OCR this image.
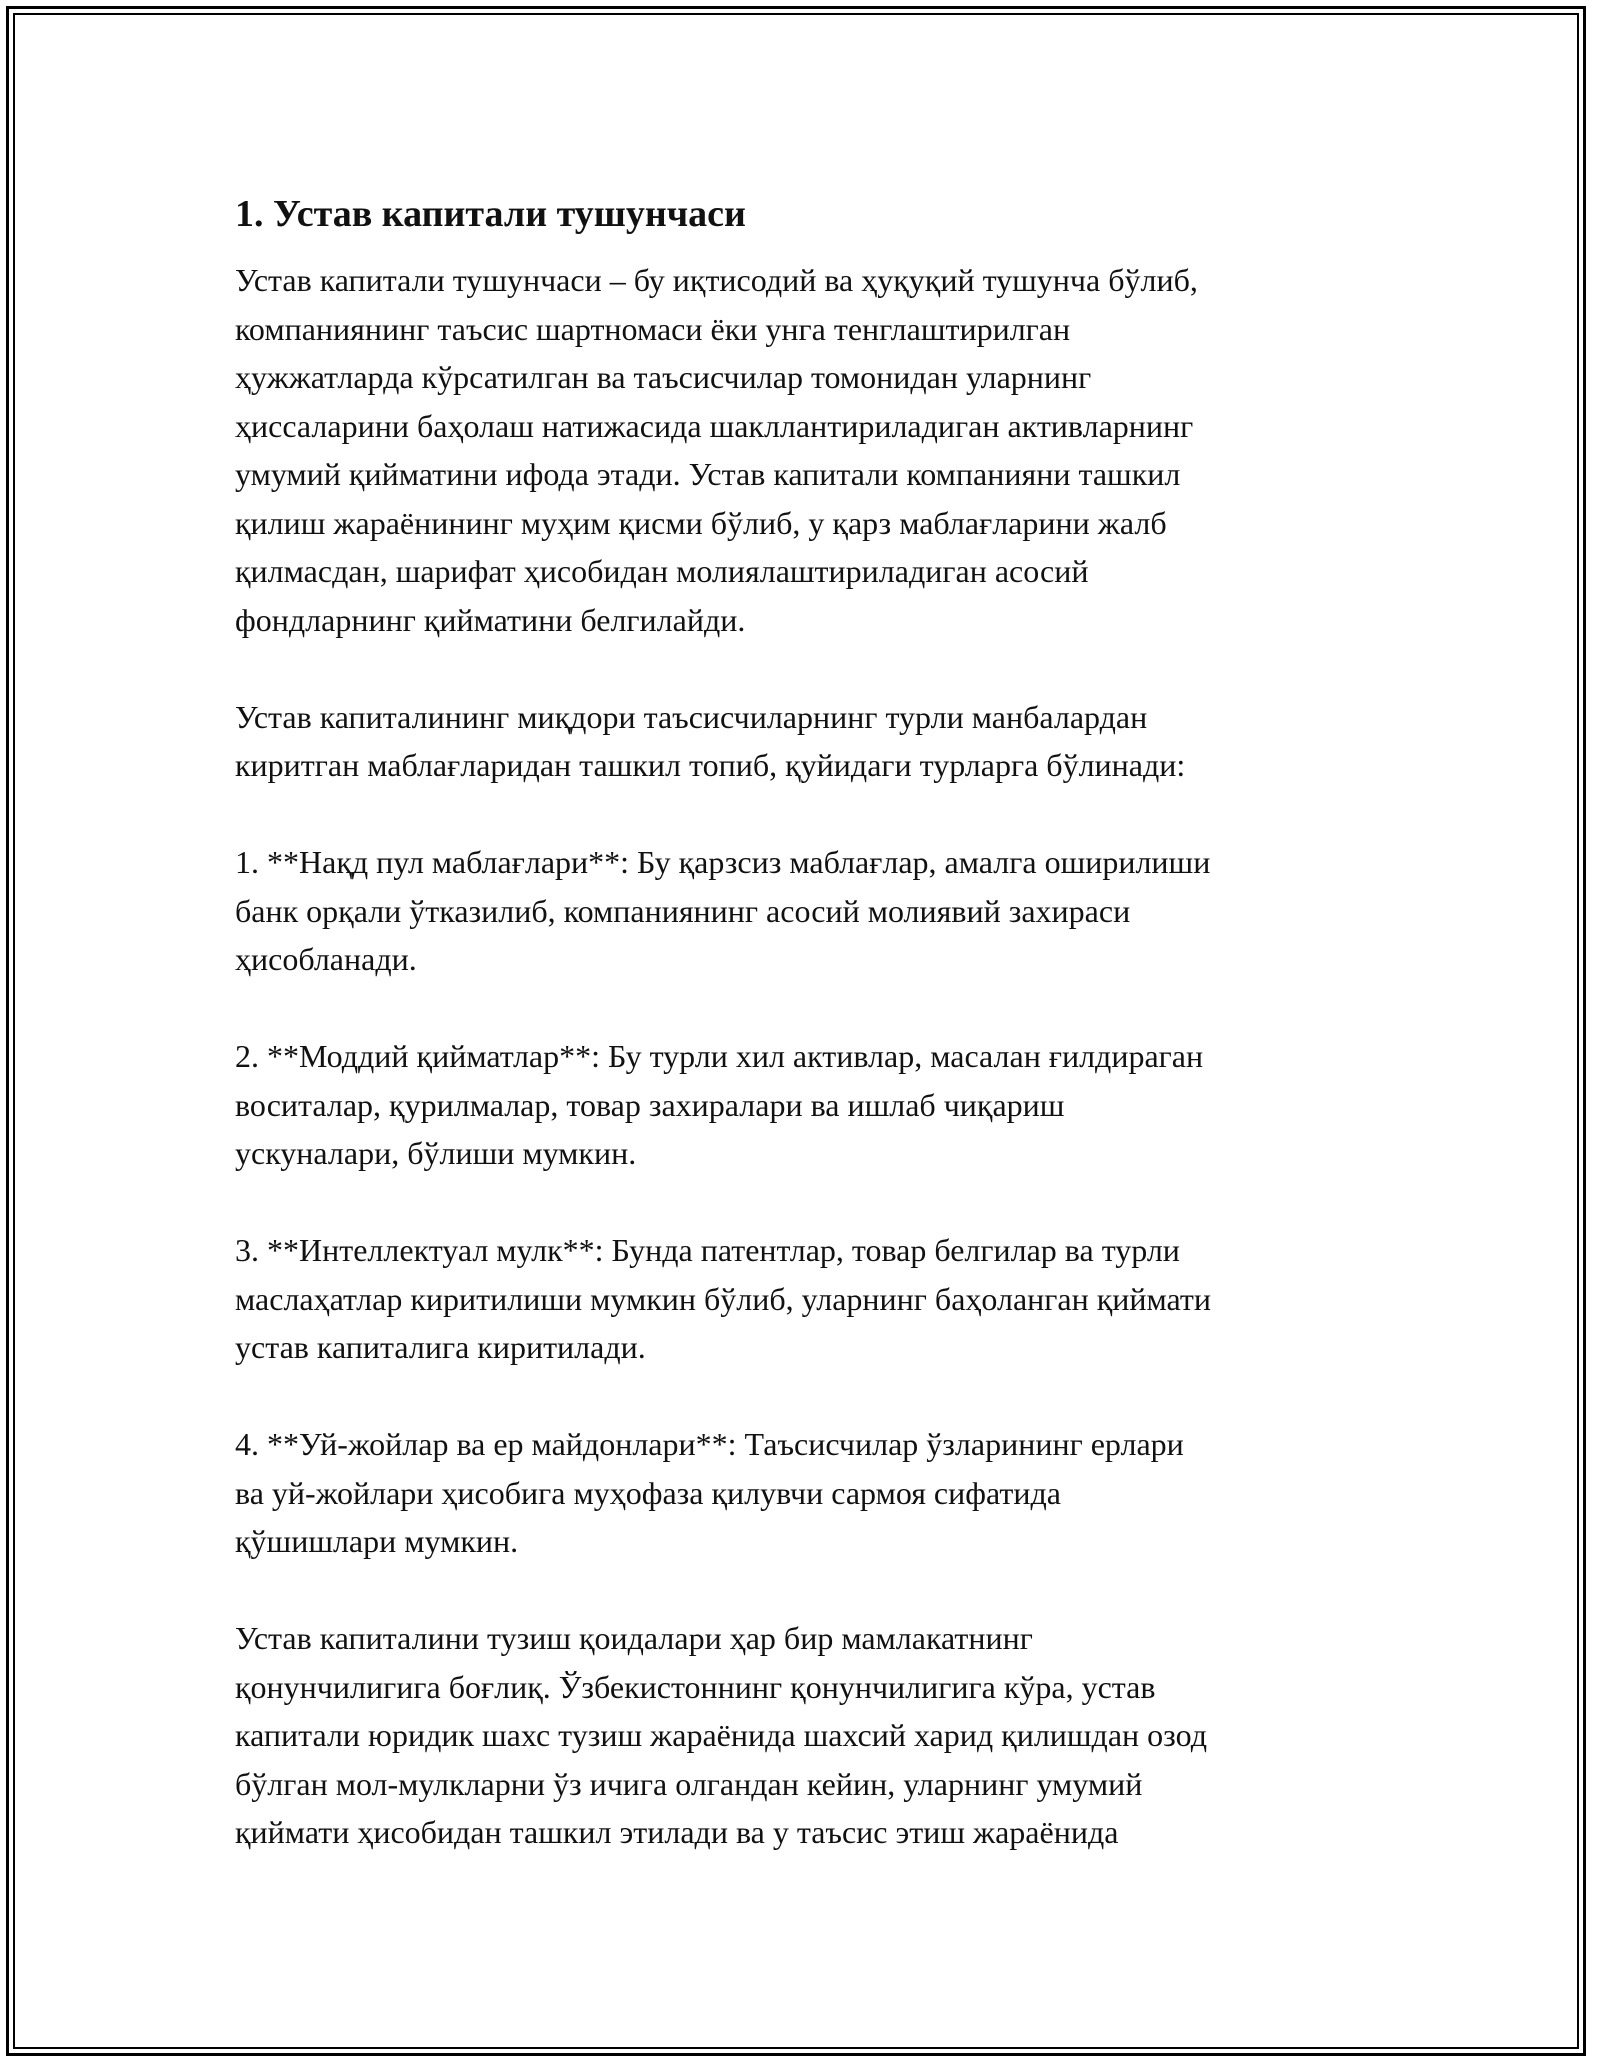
1. Устав капитали тушунчаси
Устав капитали тушунчаси – бу иқтисодий ва ҳуқуқий тушунча бўлиб,
компаниянинг таъсис шартномаси ёки унга тенглаштирилган
ҳужжатларда кўрсатилган ва таъсисчилар томонидан уларнинг
ҳиссаларини баҳолаш натижасида шакллантириладиган активларнинг
умумий қийматини ифода этади. Устав капитали компанияни ташкил
қилиш жараёнининг муҳим қисми бўлиб, у қарз маблағларини жалб
қилмасдан, шарифат ҳисобидан молиялаштириладиган асосий
фондларнинг қийматини белгилайди.
Устав капиталининг миқдори таъсисчиларнинг турли манбалардан
киритган маблағларидан ташкил топиб, қуйидаги турларга бўлинади:
1. **Нақд пул маблағлари**: Бу қарзсиз маблағлар, амалга оширилиши
банк орқали ўтказилиб, компаниянинг асосий молиявий захираси
ҳисобланади.
2. **Моддий қийматлар**: Бу турли хил активлар, масалан ғилдираган
воситалар, қурилмалар, товар захиралари ва ишлаб чиқариш
ускуналари, бўлиши мумкин.
3. **Интеллектуал мулк**: Бунда патентлар, товар белгилар ва турли
маслаҳатлар киритилиши мумкин бўлиб, уларнинг баҳоланган қиймати
устав капиталига киритилади.
4. **Уй-жойлар ва ер майдонлари**: Таъсисчилар ўзларининг ерлари
ва уй-жойлари ҳисобига муҳофаза қилувчи сармоя сифатида
қўшишлари мумкин.
Устав капиталини тузиш қоидалари ҳар бир мамлакатнинг
қонунчилигига боғлиқ. Ўзбекистоннинг қонунчилигига кўра, устав
капитали юридик шахс тузиш жараёнида шахсий харид қилишдан озод
бўлган мол-мулкларни ўз ичига олгандан кейин, уларнинг умумий
қиймати ҳисобидан ташкил этилади ва у таъсис этиш жараёнида
